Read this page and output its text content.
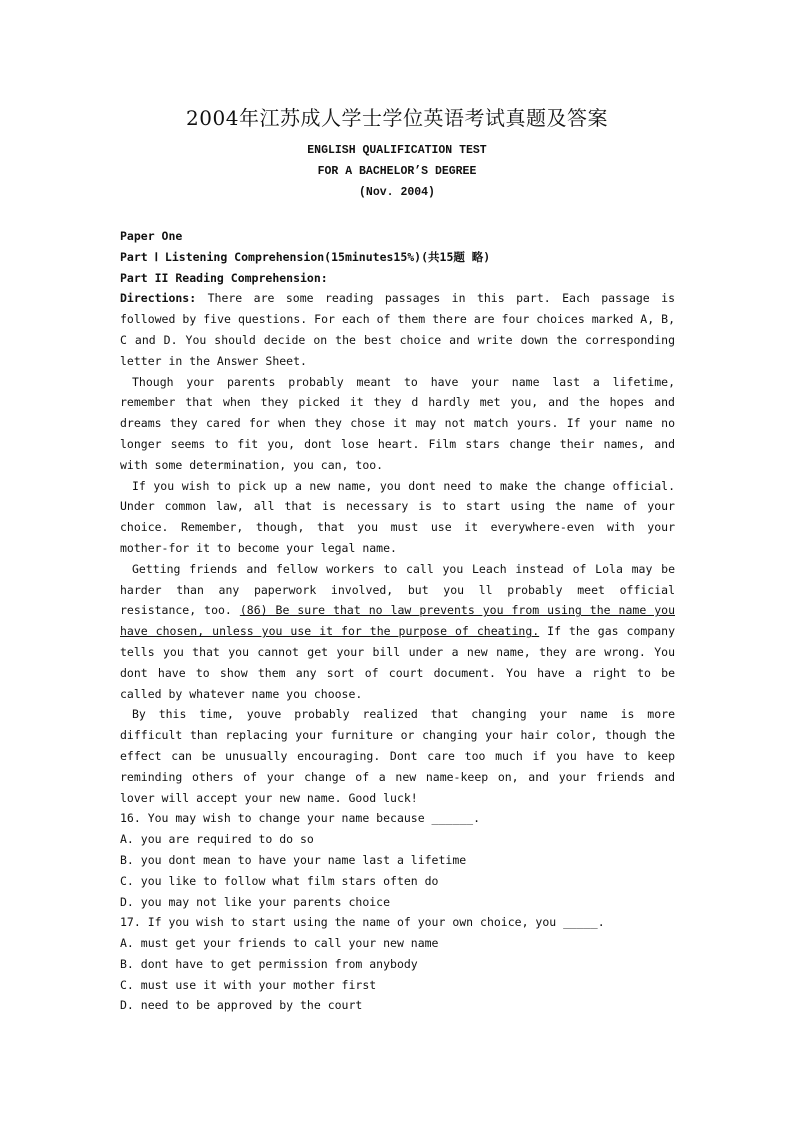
2004年江苏成人学士学位英语考试真题及答案
ENGLISH QUALIFICATION TEST
FOR A BACHELOR’S DEGREE
(Nov. 2004)
Paper One
Part Ⅰ Listening Comprehension(15minutes15%)(共15题 略)
Part II Reading Comprehension:
Directions: There are some reading passages in this part. Each passage is
followed by five questions. For each of them there are four choices marked A, B,
C and D. You should decide on the best choice and write down the corresponding
letter in the Answer Sheet.
Though your parents probably meant to have your name last a lifetime,
remember that when they picked it they d hardly met you, and the hopes and
dreams they cared for when they chose it may not match yours. If your name no
longer seems to fit you, dont lose heart. Film stars change their names, and
with some determination, you can, too.
If you wish to pick up a new name, you dont need to make the change official.
Under common law, all that is necessary is to start using the name of your
choice. Remember, though, that you must use it everywhere-even with your
mother-for it to become your legal name.
Getting friends and fellow workers to call you Leach instead of Lola may be
harder than any paperwork involved, but you ll probably meet official
resistance, too. (86) Be sure that no law prevents you from using the name you
have chosen, unless you use it for the purpose of cheating. If the gas company
tells you that you cannot get your bill under a new name, they are wrong. You
dont have to show them any sort of court document. You have a right to be
called by whatever name you choose.
By this time, youve probably realized that changing your name is more
difficult than replacing your furniture or changing your hair color, though the
effect can be unusually encouraging. Dont care too much if you have to keep
reminding others of your change of a new name-keep on, and your friends and
lover will accept your new name. Good luck!
16. You may wish to change your name because ______.
A. you are required to do so
B. you dont mean to have your name last a lifetime
C. you like to follow what film stars often do
D. you may not like your parents choice
17. If you wish to start using the name of your own choice, you _____.
A. must get your friends to call your new name
B. dont have to get permission from anybody
C. must use it with your mother first
D. need to be approved by the court
